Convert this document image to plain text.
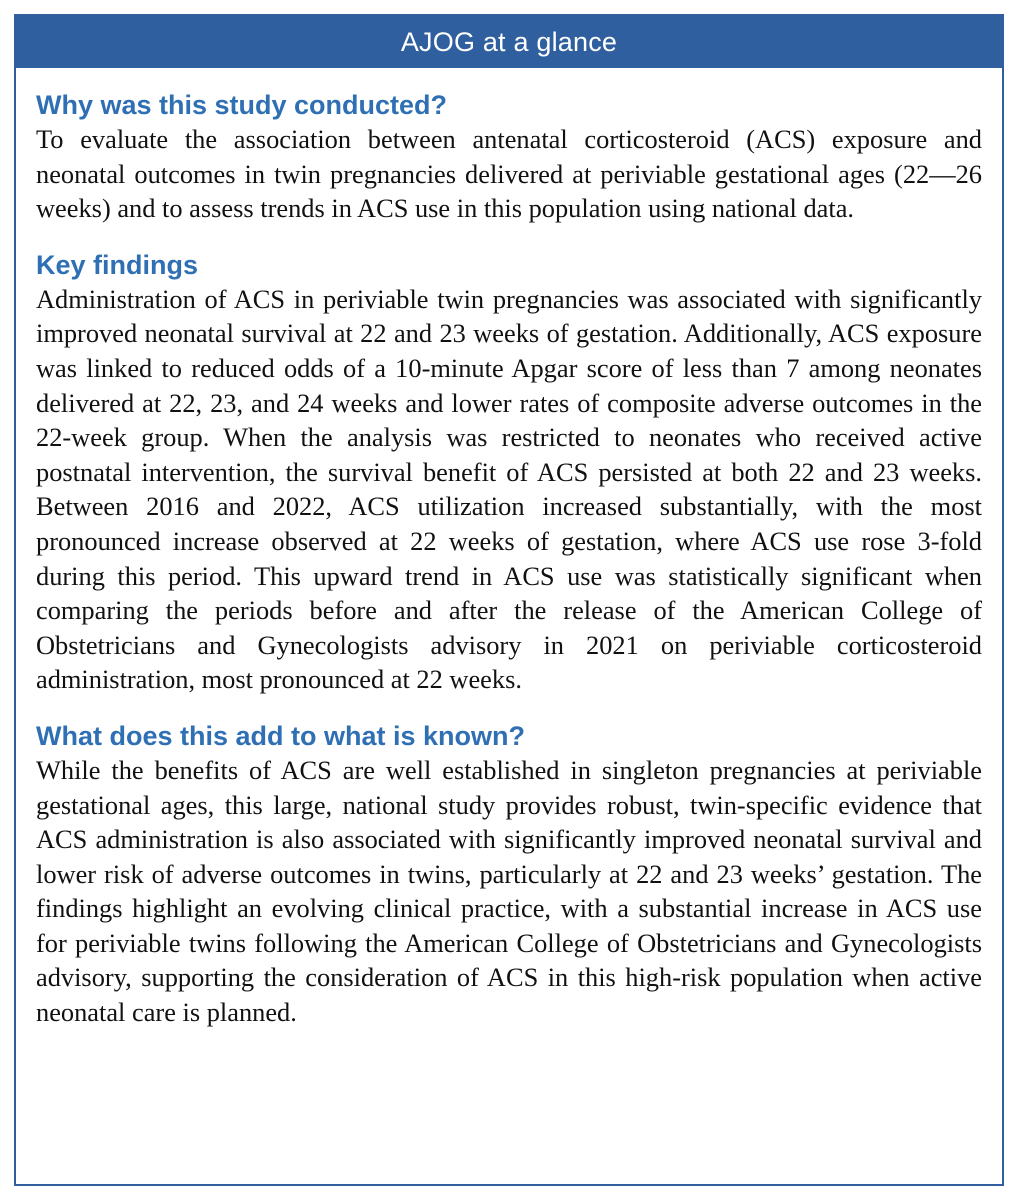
AJOG at a glance
Why was this study conducted?

To evaluate the association between antenatal corticosteroid (ACS) exposure and neonatal outcomes in twin pregnancies delivered at periviable gestational ages (22—26 weeks) and to assess trends in ACS use in this population using national data.

Key findings

Administration of ACS in periviable twin pregnancies was associated with significantly improved neonatal survival at 22 and 23 weeks of gestation. Additionally, ACS exposure was linked to reduced odds of a 10-minute Apgar score of less than 7 among neonates delivered at 22, 23, and 24 weeks and lower rates of composite adverse outcomes in the 22-week group. When the analysis was restricted to neonates who received active postnatal intervention, the survival benefit of ACS persisted at both 22 and 23 weeks. Between 2016 and 2022, ACS utilization increased substantially, with the most pronounced increase observed at 22 weeks of gestation, where ACS use rose 3-fold during this period. This upward trend in ACS use was statistically significant when comparing the periods before and after the release of the American College of Obstetricians and Gynecologists advisory in 2021 on periviable corticosteroid administration, most pronounced at 22 weeks.

What does this add to what is known?

While the benefits of ACS are well established in singleton pregnancies at periviable gestational ages, this large, national study provides robust, twin-specific evidence that ACS administration is also associated with significantly improved neonatal survival and lower risk of adverse outcomes in twins, particularly at 22 and 23 weeks’ gestation. The findings highlight an evolving clinical practice, with a substantial increase in ACS use for periviable twins following the American College of Obstetricians and Gynecologists advisory, supporting the consideration of ACS in this high-risk population when active neonatal care is planned.
